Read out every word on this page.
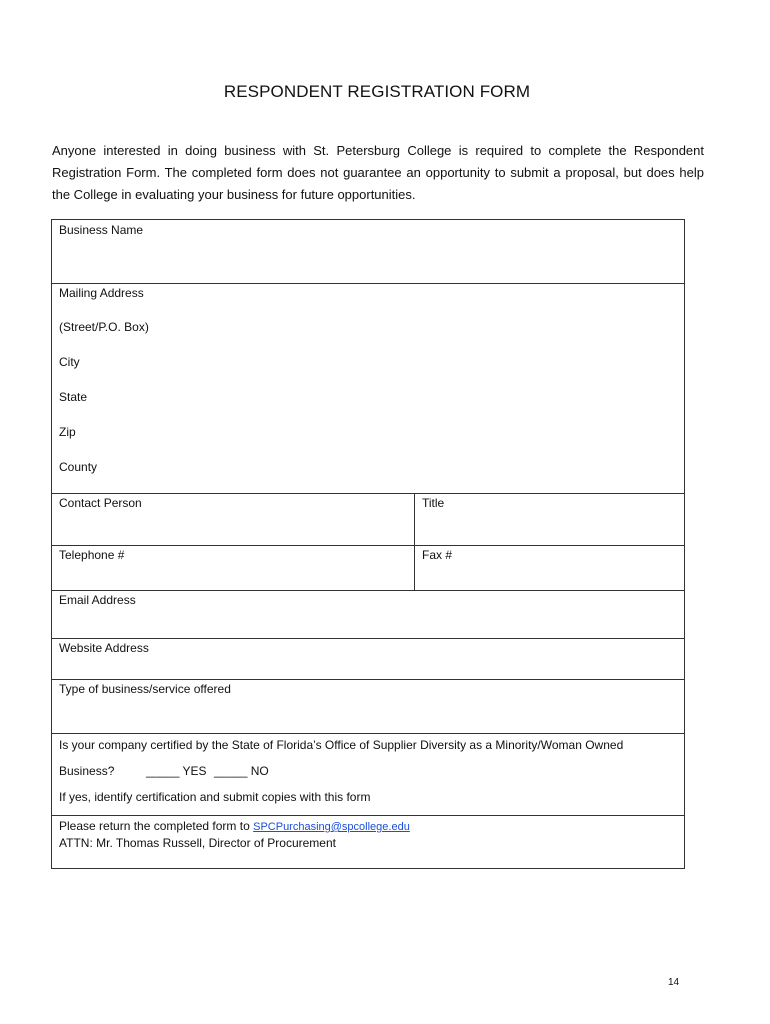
RESPONDENT REGISTRATION FORM
Anyone interested in doing business with St. Petersburg College is required to complete the Respondent Registration Form. The completed form does not guarantee an opportunity to submit a proposal, but does help the College in evaluating your business for future opportunities.
Business Name
Mailing Address
(Street/P.O. Box)
City
State
Zip
County
Contact Person	Title
Telephone #	Fax #
Email Address
Website Address
Type of business/service offered
Is your company certified by the State of Florida’s Office of Supplier Diversity as a Minority/Woman Owned
Business?	_____ YES _____ NO
If yes, identify certification and submit copies with this form
Please return the completed form to SPCPurchasing@spcollege.edu
ATTN: Mr. Thomas Russell, Director of Procurement
14
